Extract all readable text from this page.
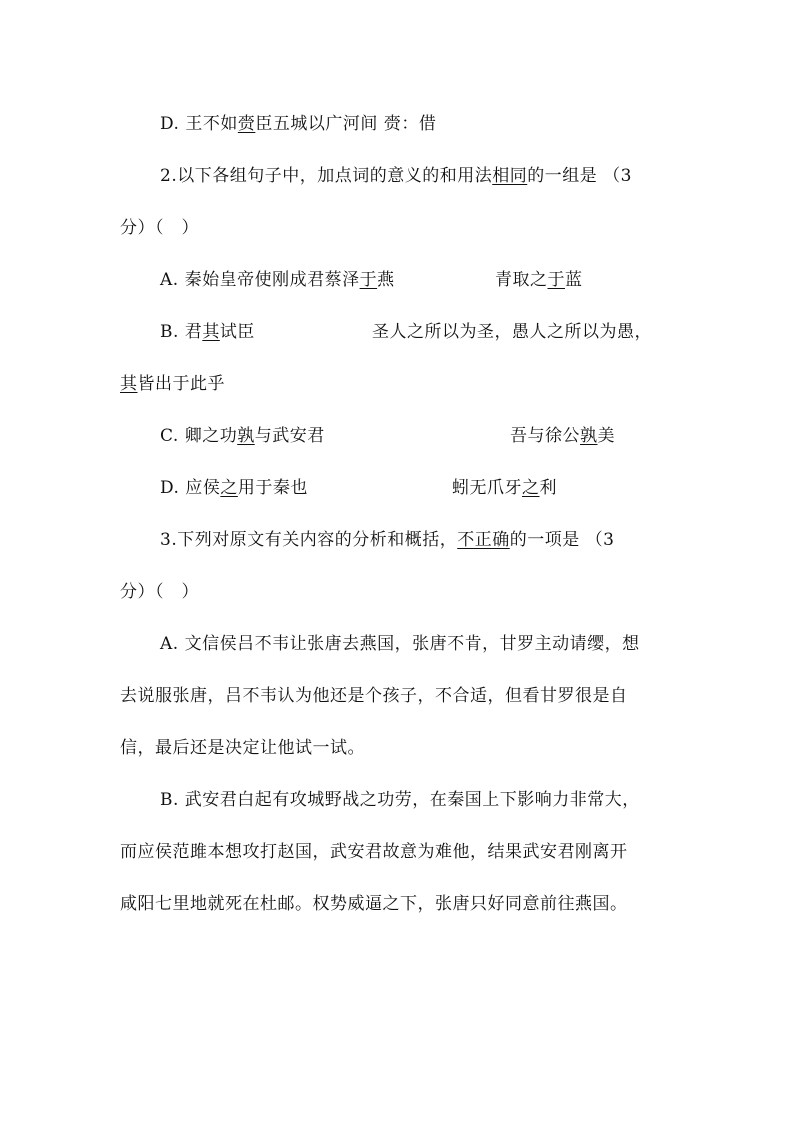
D. 王不如赍臣五城以广河间 赍：借
2.以下各组句子中，加点词的意义的和用法相同的一组是 （3
分）（　）
A. 秦始皇帝使刚成君蔡泽于燕	青取之于蓝
B. 君其试臣	圣人之所以为圣，愚人之所以为愚，
其皆出于此乎
C. 卿之功孰与武安君	吾与徐公孰美
D. 应侯之用于秦也	蚓无爪牙之利
3.下列对原文有关内容的分析和概括，不正确的一项是 （3
分）（　）
A. 文信侯吕不韦让张唐去燕国，张唐不肯，甘罗主动请缨，想
去说服张唐，吕不韦认为他还是个孩子，不合适，但看甘罗很是自
信，最后还是决定让他试一试。
B. 武安君白起有攻城野战之功劳，在秦国上下影响力非常大，
而应侯范雎本想攻打赵国，武安君故意为难他，结果武安君刚离开
咸阳七里地就死在杜邮。权势威逼之下，张唐只好同意前往燕国。
